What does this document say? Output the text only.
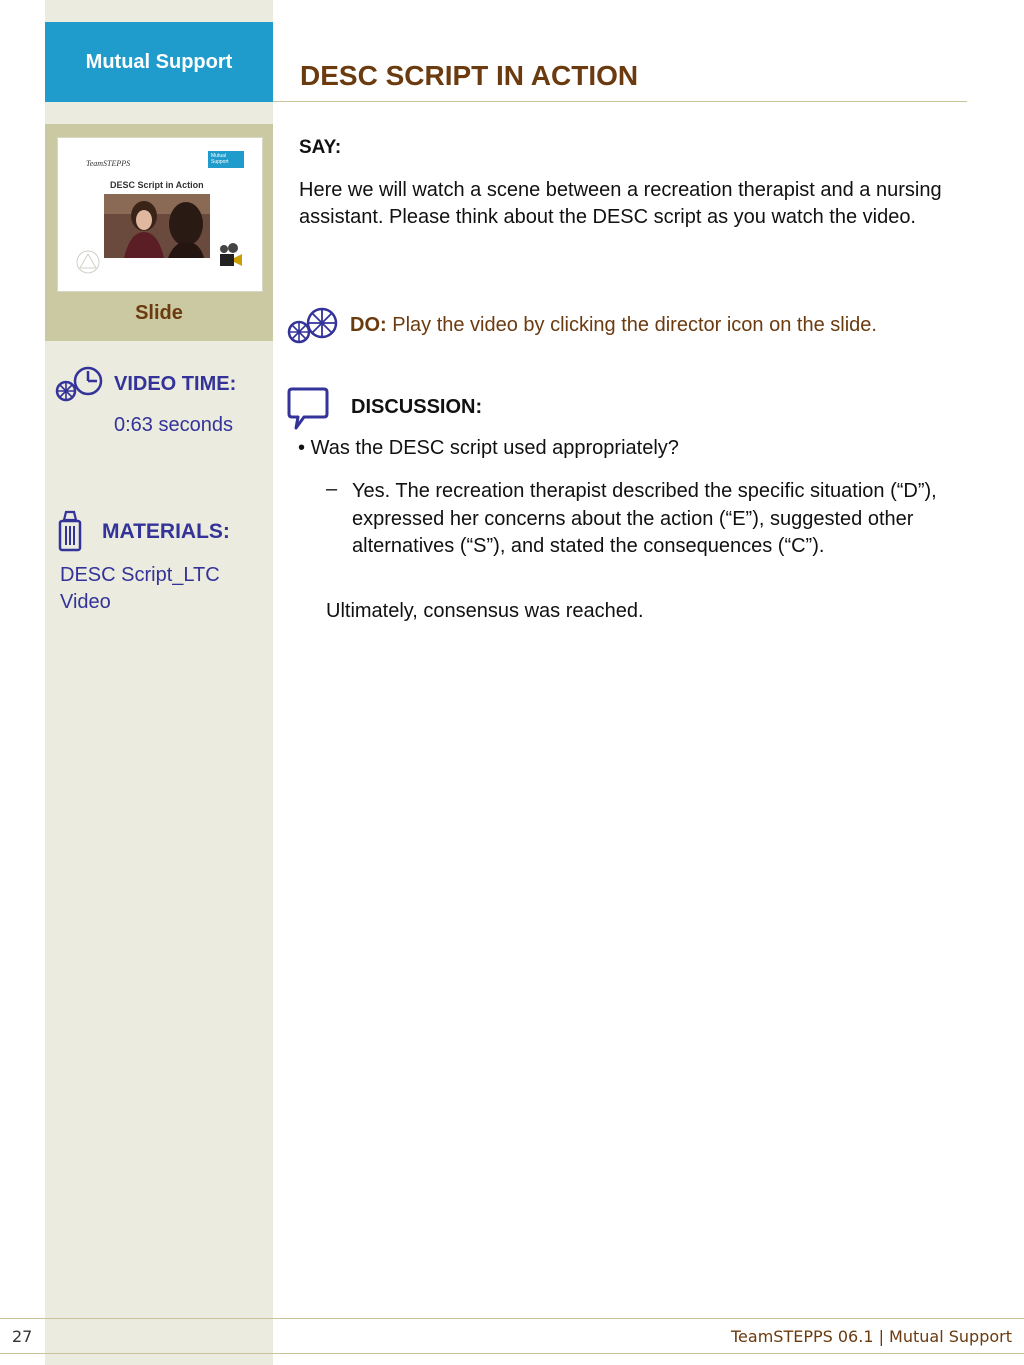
Mutual Support	DESC SCRIPT IN ACTION
TeamSTEPPS
Mutual Support
DESC Script in Action
Slide
VIDEO TIME:
0:63 seconds
MATERIALS:
DESC Script_LTC Video
SAY:
Here we will watch a scene between a recreation therapist and a nursing assistant. Please think about the DESC script as you watch the video.
DO: Play the video by clicking the director icon on the slide.
DISCUSSION:
• Was the DESC script used appropriately?
– Yes. The recreation therapist described the specific situation (“D”), expressed her concerns about the action (“E”), suggested other alternatives (“S”), and stated the consequences (“C”).
Ultimately, consensus was reached.
27	TeamSTEPPS 06.1 | Mutual Support
